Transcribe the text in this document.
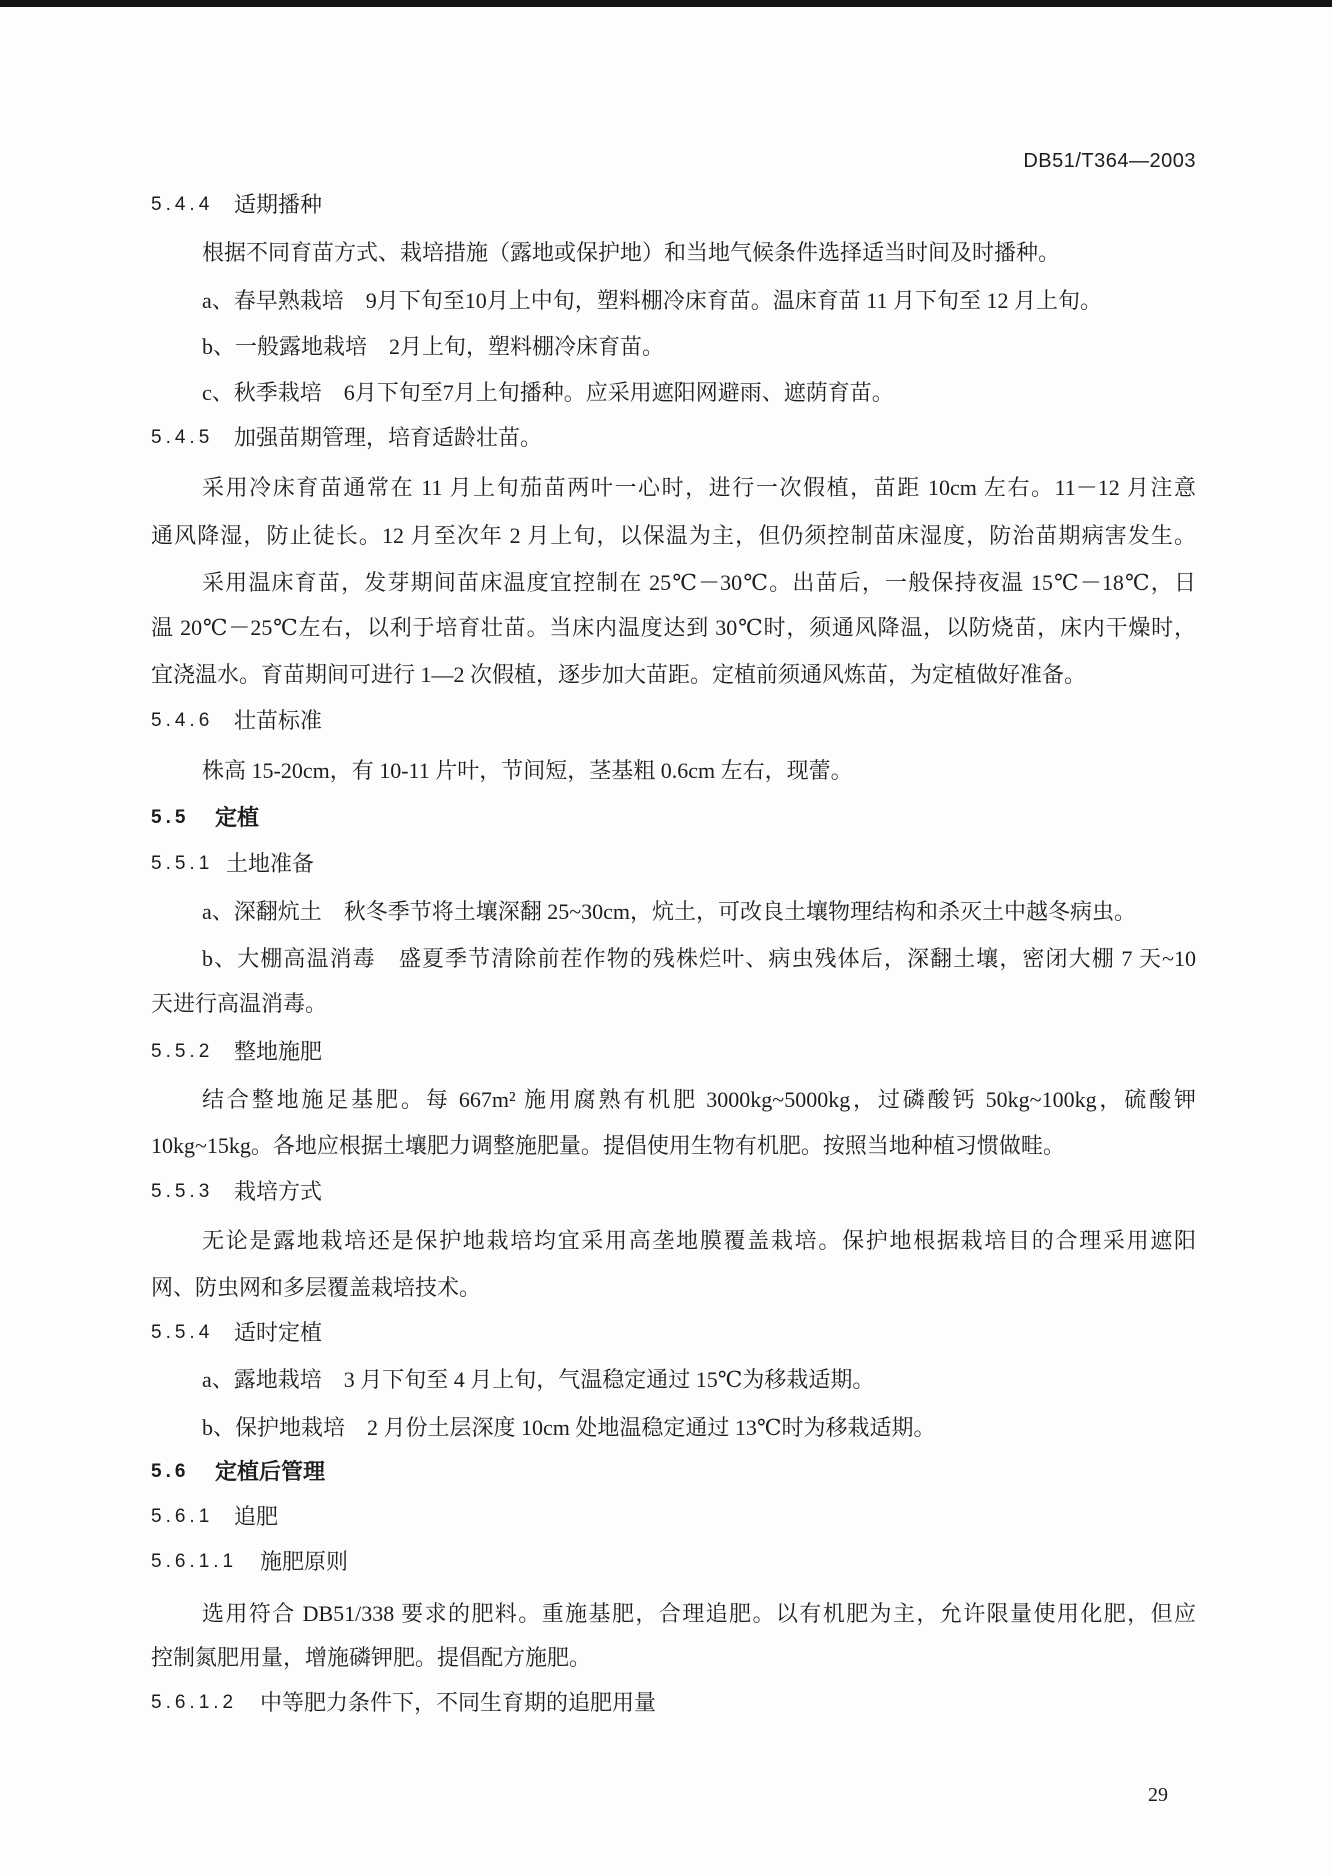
DB51/T364—2003
5.4.4 适期播种
根据不同育苗方式、栽培措施（露地或保护地）和当地气候条件选择适当时间及时播种。
a、春早熟栽培　9月下旬至10月上中旬，塑料棚冷床育苗。温床育苗 11 月下旬至 12 月上旬。
b、一般露地栽培　2月上旬，塑料棚冷床育苗。
c、秋季栽培　6月下旬至7月上旬播种。应采用遮阳网避雨、遮荫育苗。
5.4.5 加强苗期管理，培育适龄壮苗。
采用冷床育苗通常在 11 月上旬茄苗两叶一心时，进行一次假植，苗距 10cm 左右。11－12 月注意
通风降湿，防止徒长。12 月至次年 2 月上旬，以保温为主，但仍须控制苗床湿度，防治苗期病害发生。
采用温床育苗，发芽期间苗床温度宜控制在 25℃－30℃。出苗后，一般保持夜温 15℃－18℃，日
温 20℃－25℃左右，以利于培育壮苗。当床内温度达到 30℃时，须通风降温，以防烧苗，床内干燥时，
宜浇温水。育苗期间可进行 1—2 次假植，逐步加大苗距。定植前须通风炼苗，为定植做好准备。
5.4.6 壮苗标准
株高 15-20cm，有 10-11 片叶，节间短，茎基粗 0.6cm 左右，现蕾。
5.5 定植
5.5.1 土地准备
a、深翻炕土　秋冬季节将土壤深翻 25~30cm，炕土，可改良土壤物理结构和杀灭土中越冬病虫。
b、大棚高温消毒　盛夏季节清除前茬作物的残株烂叶、病虫残体后，深翻土壤，密闭大棚 7 天~10
天进行高温消毒。
5.5.2 整地施肥
结合整地施足基肥。每 667m² 施用腐熟有机肥 3000kg~5000kg，过磷酸钙 50kg~100kg，硫酸钾
10kg~15kg。各地应根据土壤肥力调整施肥量。提倡使用生物有机肥。按照当地种植习惯做畦。
5.5.3 栽培方式
无论是露地栽培还是保护地栽培均宜采用高垄地膜覆盖栽培。保护地根据栽培目的合理采用遮阳
网、防虫网和多层覆盖栽培技术。
5.5.4 适时定植
a、露地栽培　3 月下旬至 4 月上旬，气温稳定通过 15℃为移栽适期。
b、保护地栽培　2 月份土层深度 10cm 处地温稳定通过 13℃时为移栽适期。
5.6 定植后管理
5.6.1 追肥
5.6.1.1 施肥原则
选用符合 DB51/338 要求的肥料。重施基肥，合理追肥。以有机肥为主，允许限量使用化肥，但应
控制氮肥用量，增施磷钾肥。提倡配方施肥。
5.6.1.2 中等肥力条件下，不同生育期的追肥用量
29
